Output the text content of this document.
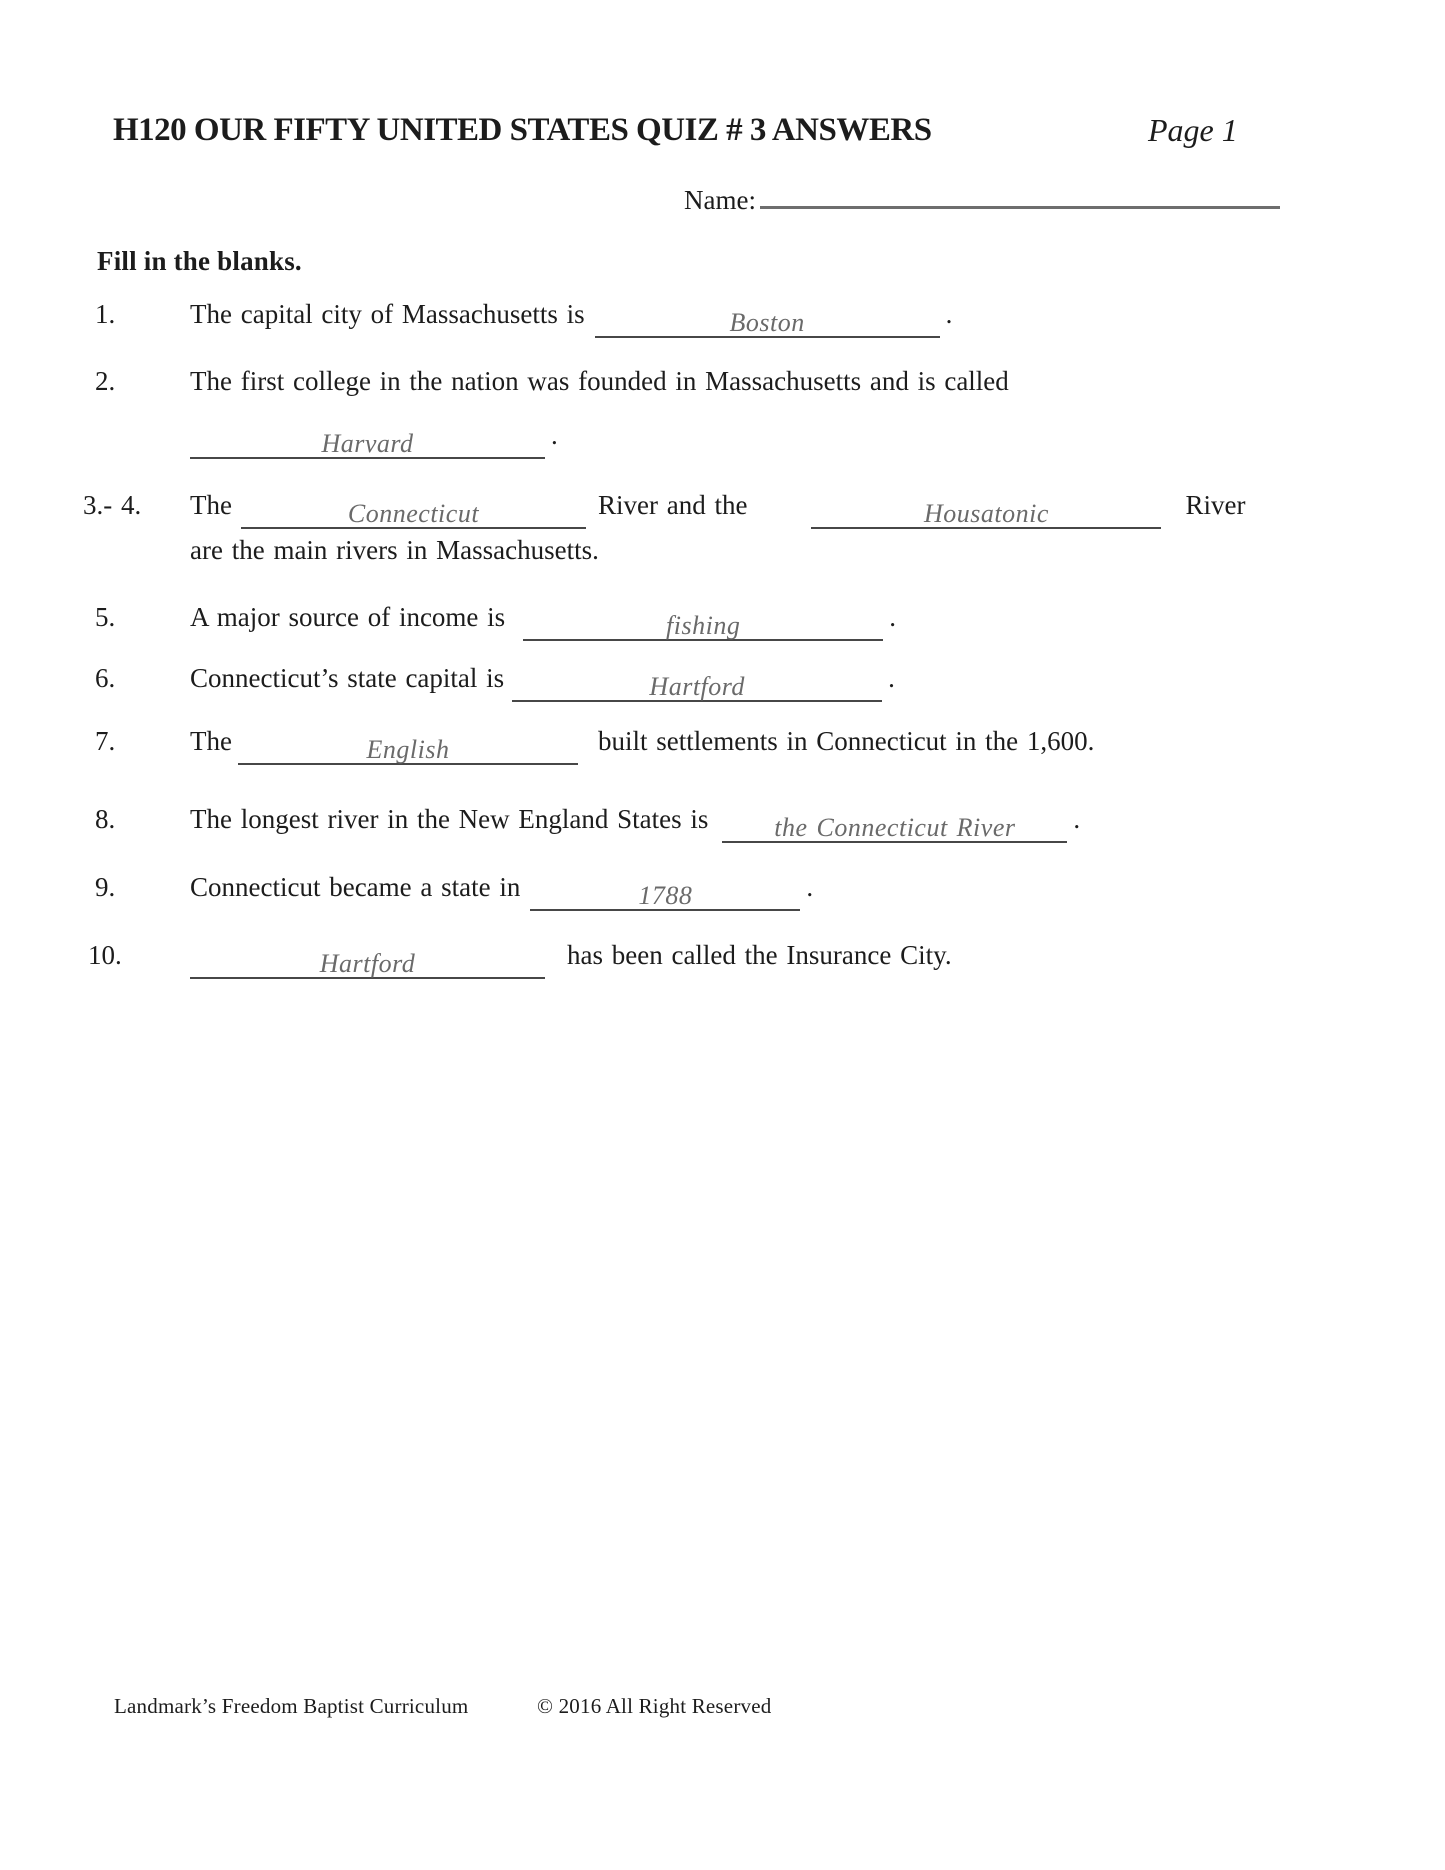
H120 OUR FIFTY UNITED STATES QUIZ # 3 ANSWERS	Page 1
Name:
Fill in the blanks.
1.	The capital city of Massachusetts is	Boston	.
2.	The first college in the nation was founded in Massachusetts and is called
Harvard	.
3.- 4. The	Connecticut	River and the	Housatonic	River
are the main rivers in Massachusetts.
5.	A major source of income is	fishing	.
6.	Connecticut’s state capital is	Hartford	.
7.	The	English	built settlements in Connecticut in the 1,600.
8.	The longest river in the New England States is	the Connecticut River .
9.	Connecticut became a state in	1788	.
10.	Hartford	has been called the Insurance City.
Landmark’s Freedom Baptist Curriculum	© 2016 All Right Reserved
